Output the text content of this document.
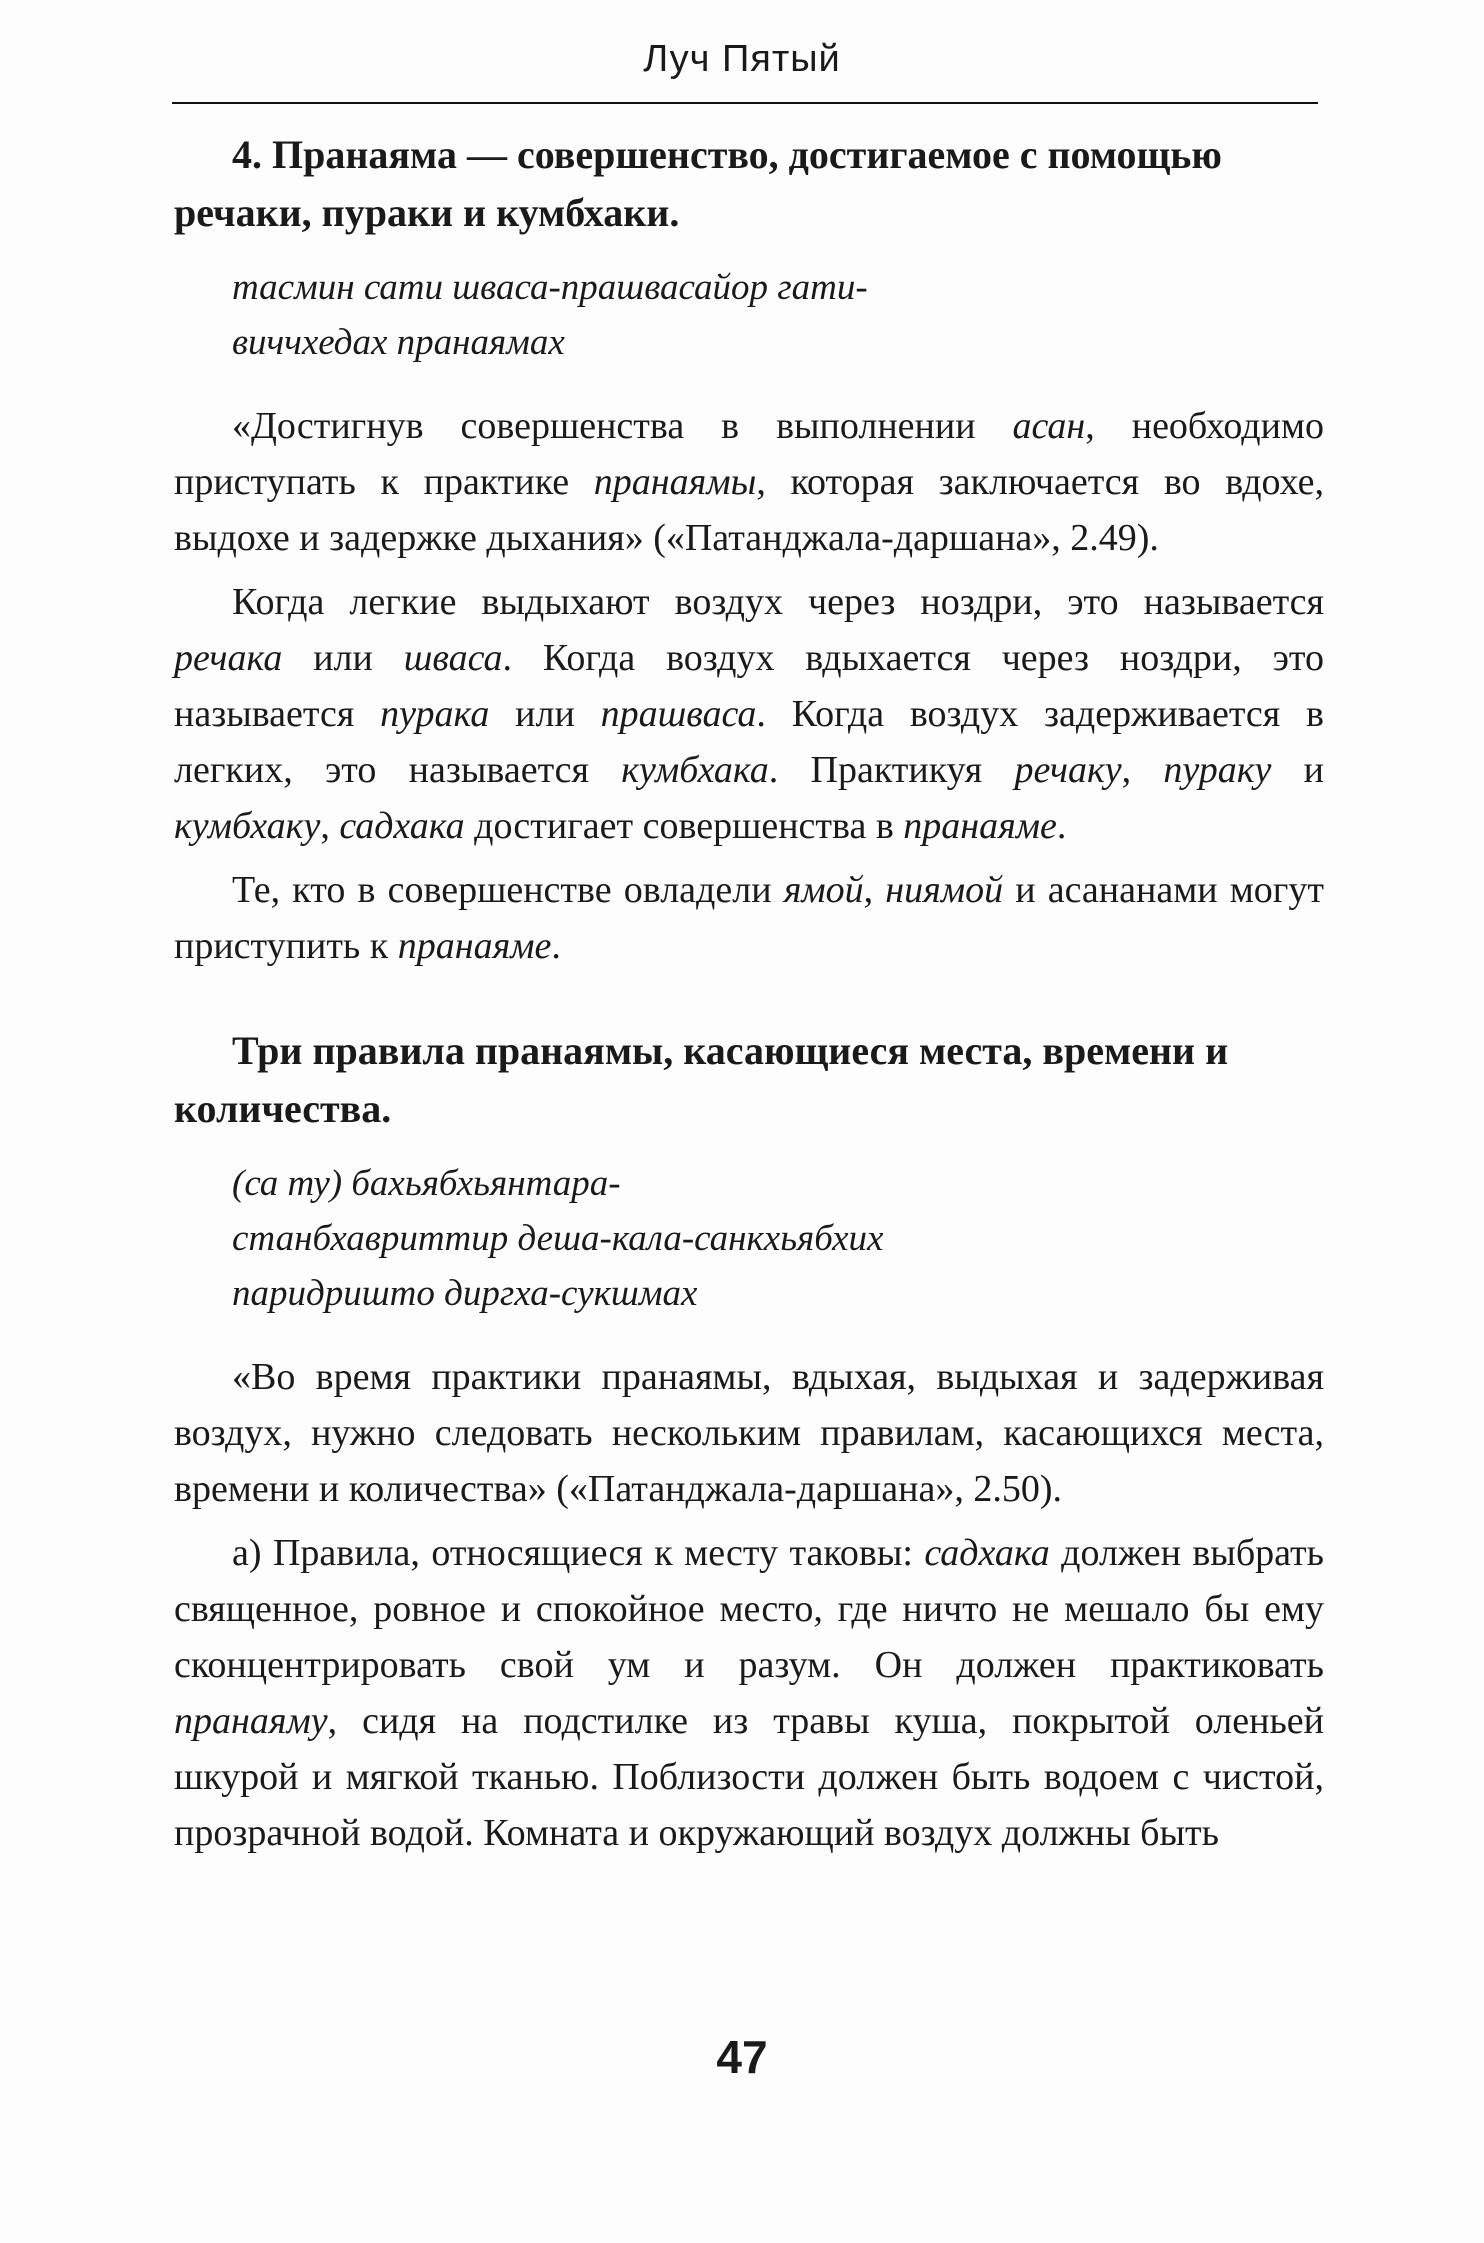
Луч Пятый

4. Пранаяма — совершенство, достигаемое с помощью речаки, пураки и кумбхаки.

тасмин сати шваса-прашвасайор гати-
виччхедах пранаямах

«Достигнув совершенства в выполнении асан, необходимо приступать к практике пранаямы, которая заключается во вдохе, выдохе и задержке дыхания» («Патанджала-даршана», 2.49).

Когда легкие выдыхают воздух через ноздри, это называется речака или шваса. Когда воздух вдыхается через ноздри, это называется пурака или прашваса. Когда воздух задерживается в легких, это называется кумбхака. Практикуя речаку, пураку и кумбхаку, садхака достигает совершенства в пранаяме.

Те, кто в совершенстве овладели ямой, ниямой и асананами могут приступить к пранаяме.

Три правила пранаямы, касающиеся места, времени и количества.

(са ту) бахьябхьянтара-
станбхавриттир деша-кала-санкхьябхих
паридришто диргха-сукшмах

«Во время практики пранаямы, вдыхая, выдыхая и задерживая воздух, нужно следовать нескольким правилам, касающихся места, времени и количества» («Патанджала-даршана», 2.50).

а) Правила, относящиеся к месту таковы: садхака должен выбрать священное, ровное и спокойное место, где ничто не мешало бы ему сконцентрировать свой ум и разум. Он должен практиковать пранаяму, сидя на подстилке из травы куша, покрытой оленьей шкурой и мягкой тканью. Поблизости должен быть водоем с чистой, прозрачной водой. Комната и окружающий воздух должны быть

47
